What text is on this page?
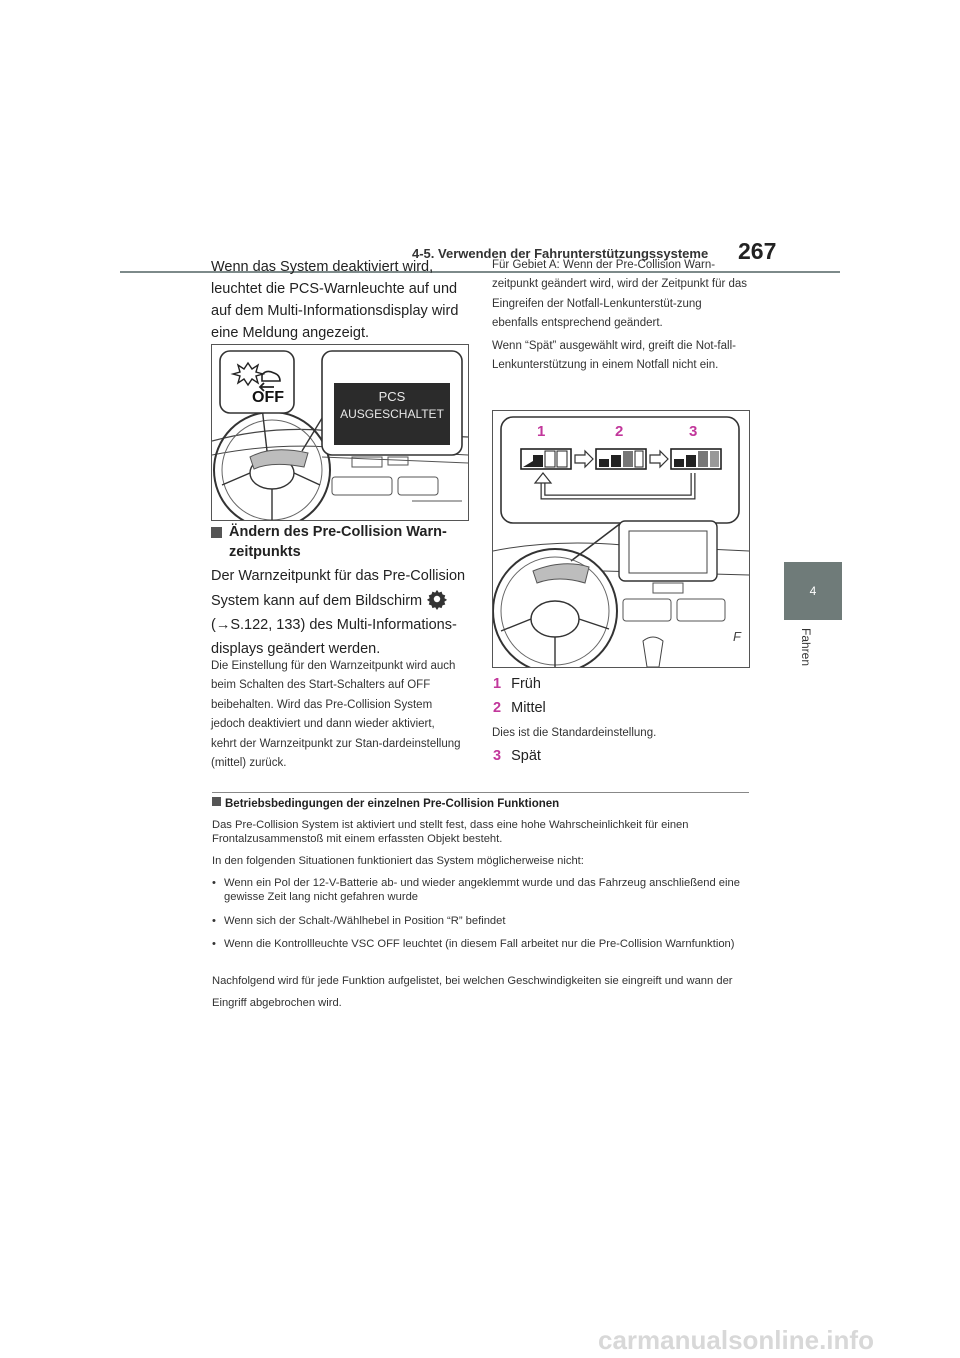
4-5. Verwenden der Fahrunterstützungssysteme 267
4
Fahren
Wenn das System deaktiviert wird, leuchtet die PCS-Warnleuchte auf und auf dem Multi-Informationsdisplay wird eine Meldung angezeigt.
OFF	PCS
AUSGESCHALTET
Ändern des Pre-Collision Warn-zeitpunkts
Der Warnzeitpunkt für das Pre-Collision System kann auf dem Bildschirm  (→S.122, 133) des Multi-Informations-displays geändert werden.
Die Einstellung für den Warnzeitpunkt wird auch beim Schalten des Start-Schalters auf OFF beibehalten. Wird das Pre-Collision System jedoch deaktiviert und dann wieder aktiviert, kehrt der Warnzeitpunkt zur Stan-dardeinstellung (mittel) zurück.
Für Gebiet A: Wenn der Pre-Collision Warn-zeitpunkt geändert wird, wird der Zeitpunkt für das Eingreifen der Notfall-Lenkunterstüt-zung ebenfalls entsprechend geändert.
Wenn “Spät” ausgewählt wird, greift die Not-fall-Lenkunterstützung in einem Notfall nicht ein.
1	2	3
F
1 Früh
2 Mittel
Dies ist die Standardeinstellung.
3 Spät
Betriebsbedingungen der einzelnen Pre-Collision Funktionen
Das Pre-Collision System ist aktiviert und stellt fest, dass eine hohe Wahrscheinlichkeit für einen Frontalzusammenstoß mit einem erfassten Objekt besteht.
In den folgenden Situationen funktioniert das System möglicherweise nicht:
• Wenn ein Pol der 12-V-Batterie ab- und wieder angeklemmt wurde und das Fahrzeug anschließend eine gewisse Zeit lang nicht gefahren wurde
• Wenn sich der Schalt-/Wählhebel in Position “R” befindet
• Wenn die Kontrollleuchte VSC OFF leuchtet (in diesem Fall arbeitet nur die Pre-Collision Warnfunktion)
Nachfolgend wird für jede Funktion aufgelistet, bei welchen Geschwindigkeiten sie eingreift und wann der Eingriff abgebrochen wird.
carmanualsonline.info
